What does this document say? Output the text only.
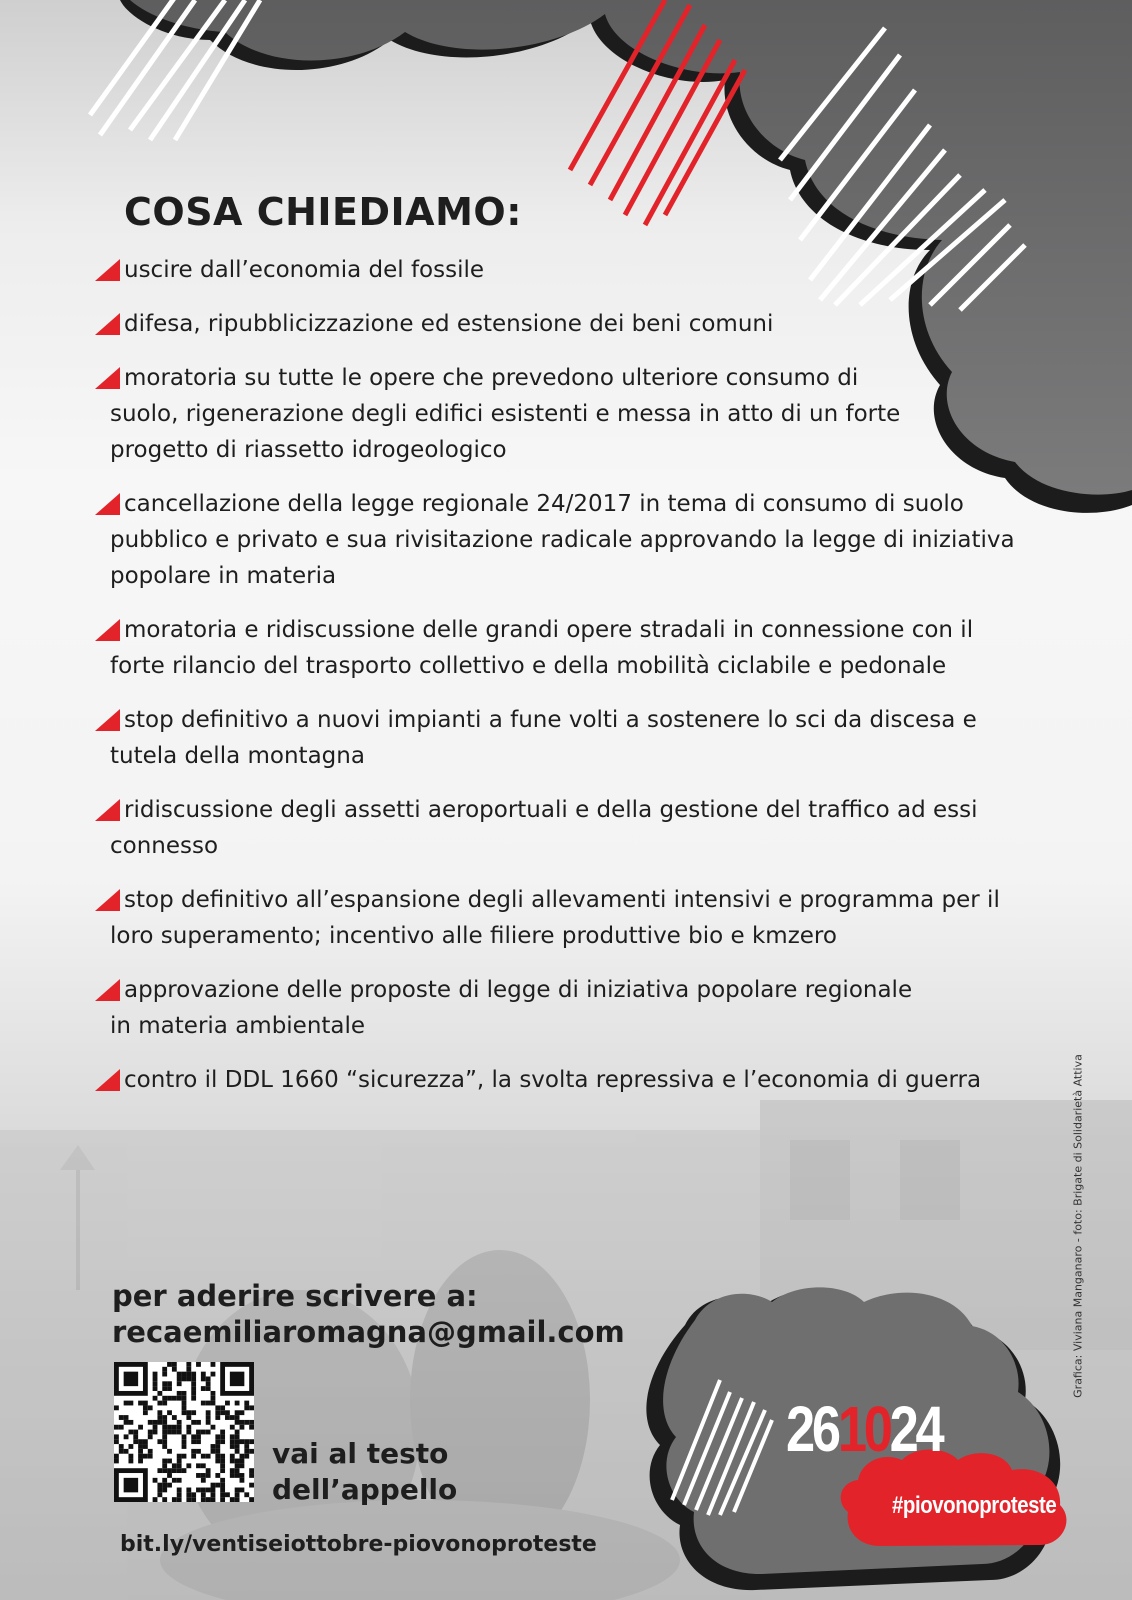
COSA CHIEDIAMO:
uscire dall’economia del fossile
difesa, ripubblicizzazione ed estensione dei beni comuni
moratoria su tutte le opere che prevedono ulteriore consumo di suolo, rigenerazione degli edifici esistenti e messa in atto di un forte progetto di riassetto idrogeologico
cancellazione della legge regionale 24/2017 in tema di consumo di suolo pubblico e privato e sua rivisitazione radicale approvando la legge di iniziativa popolare in materia
moratoria e ridiscussione delle grandi opere stradali in connessione con il forte rilancio del trasporto collettivo e della mobilità ciclabile e pedonale
stop definitivo a nuovi impianti a fune volti a sostenere lo sci da discesa e tutela della montagna
ridiscussione degli assetti aeroportuali e della gestione del traffico ad essi connesso
stop definitivo all’espansione degli allevamenti intensivi e programma per il loro superamento; incentivo alle filiere produttive bio e kmzero
approvazione delle proposte di legge di iniziativa popolare regionale in materia ambientale
contro il DDL 1660 “sicurezza”, la svolta repressiva e l’economia di guerra
per aderire scrivere a:
recaemiliaromagna@gmail.com
vai al testo
dell’appello
bit.ly/ventiseiottobre-piovonoproteste
Grafica: Viviana Manganaro - foto: Brigate di Solidarietà Attiva
261024
#piovonoproteste
